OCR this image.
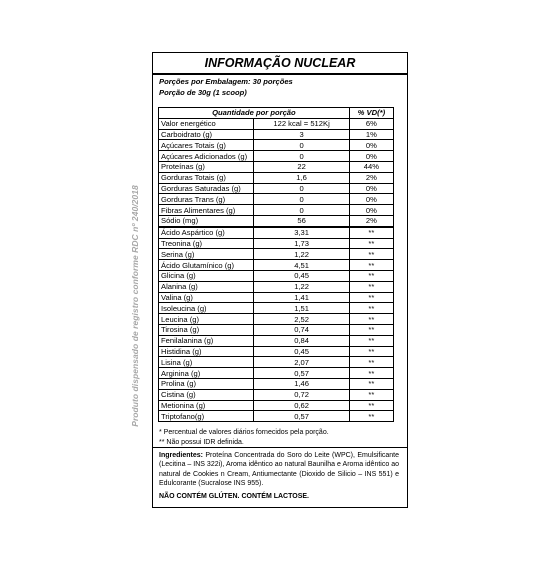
Produto dispensado de registro conforme RDC nº 240/2018
INFORMAÇÃO NUCLEAR
Porções por Embalagem: 30 porções
Porção de 30g (1 scoop)
Quantidade por porção		% VD(*)
Valor energético	122 kcal = 512Kj	6%
Carboidrato (g)	3	1%
Açúcares Totais (g)	0	0%
Açúcares Adicionados (g)	0	0%
Proteínas (g)	22	44%
Gorduras Totais (g)	1,6	2%
Gorduras Saturadas (g)	0	0%
Gorduras Trans (g)	0	0%
Fibras Alimentares (g)	0	0%
Sódio (mg)	56	2%
Ácido Aspártico (g)	3,31	**
Treonina (g)	1,73	**
Serina (g)	1,22	**
Ácido Glutamínico (g)	4,51	**
Glicina (g)	0,45	**
Alanina (g)	1,22	**
Valina (g)	1,41	**
Isoleucina (g)	1,51	**
Leucina (g)	2,52	**
Tirosina (g)	0,74	**
Fenilalanina (g)	0,84	**
Histidina (g)	0,45	**
Lisina (g)	2,07	**
Arginina (g)	0,57	**
Prolina (g)	1,46	**
Cistina (g)	0,72	**
Metionina (g)	0,62	**
Triptofano(g)	0,57	**
* Percentual de valores diários fornecidos pela porção.
** Não possui IDR definida.
Ingredientes: Proteína Concentrada do Soro do Leite (WPC), Emulsificante (Lecitina – INS 322i), Aroma idêntico ao natural Baunilha e Aroma idêntico ao natural de Cookies n Cream, Antiumectante (Dioxido de Silicio – INS 551) e Edulcorante (Sucralose INS 955).
NÃO CONTÉM GLÚTEN. CONTÉM LACTOSE.
